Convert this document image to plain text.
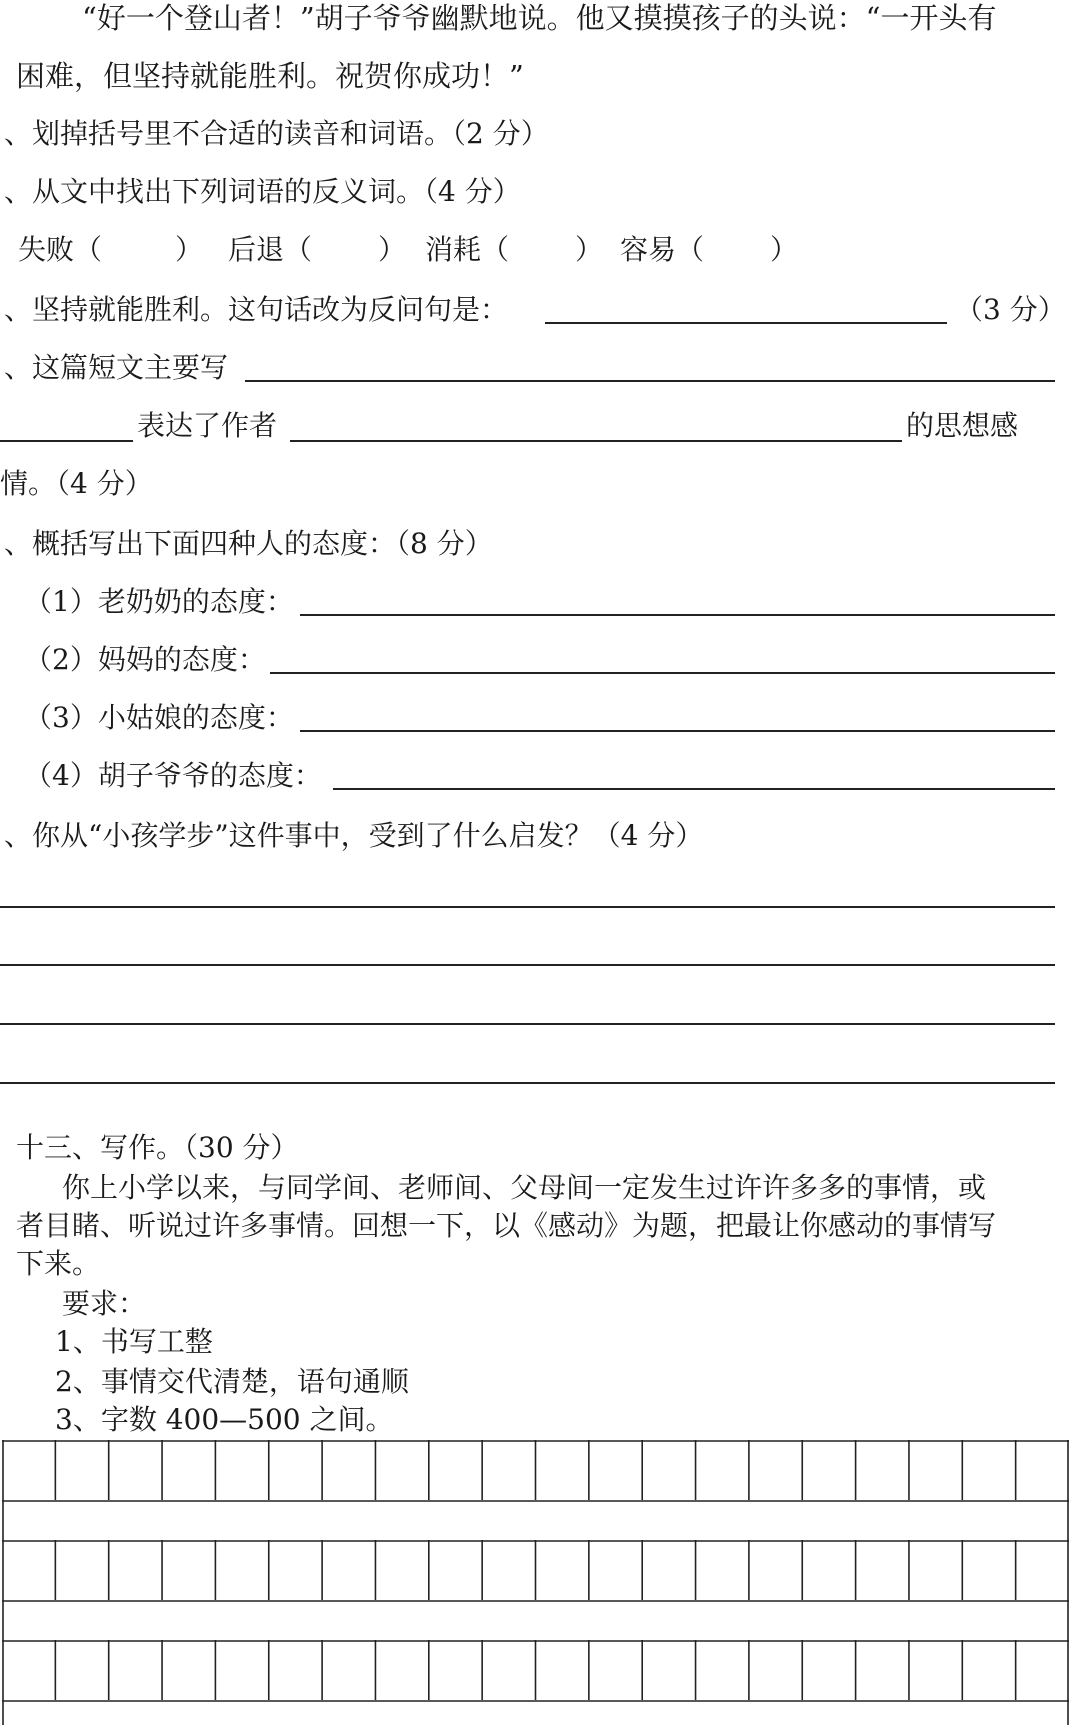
“好一个登山者！”胡子爷爷幽默地说。他又摸摸孩子的头说：“一开头有
困难，但坚持就能胜利。祝贺你成功！”
、划掉括号里不合适的读音和词语。（2 分）
、从文中找出下列词语的反义词。（4 分）
失败（	） 后退（ ） 消耗（ ） 容易（ ）
、坚持就能胜利。这句话改为反问句是：	（3 分）
、这篇短文主要写
表达了作者	的思想感
情。（4 分）
、概括写出下面四种人的态度：（8 分）
（1）老奶奶的态度：
（2）妈妈的态度：
（3）小姑娘的态度：
（4）胡子爷爷的态度：
、你从“小孩学步”这件事中，受到了什么启发？（4 分）
十三、写作。（30 分）
你上小学以来，与同学间、老师间、父母间一定发生过许许多多的事情，或
者目睹、听说过许多事情。回想一下，以《感动》为题，把最让你感动的事情写
下来。
要求：
1、书写工整
2、事情交代清楚，语句通顺
3、字数 400—500 之间。
